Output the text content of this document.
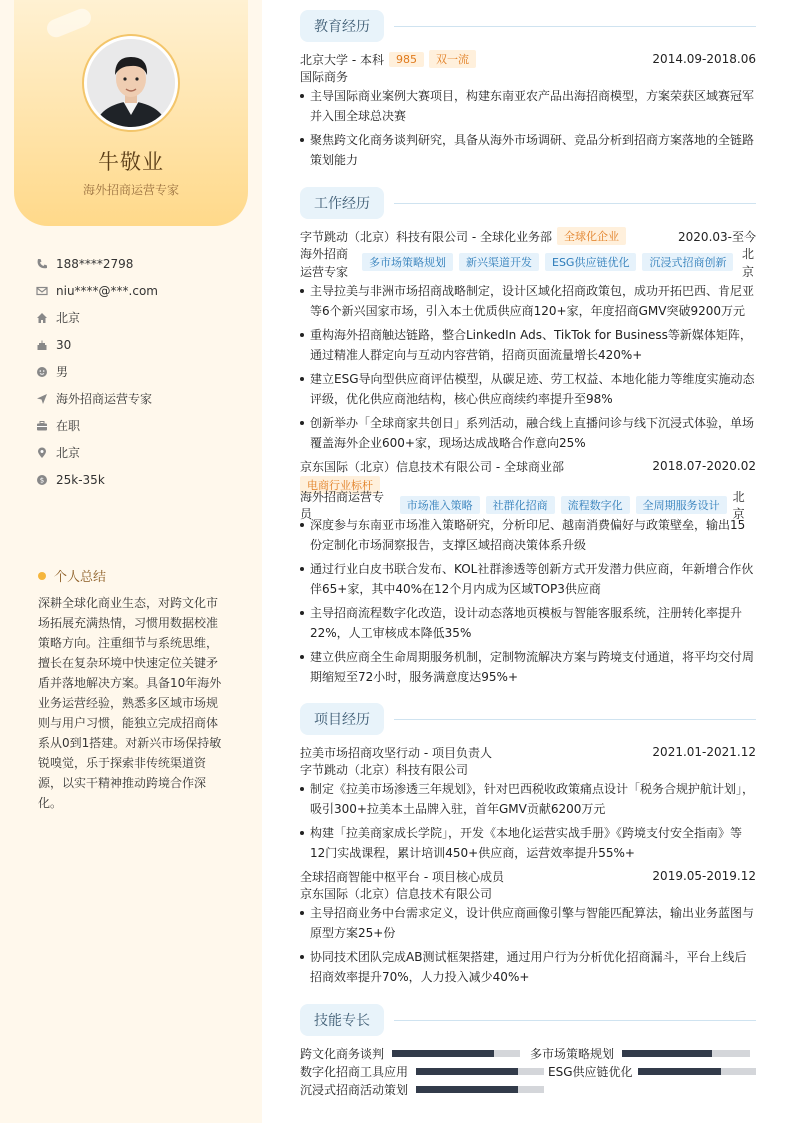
牛敬业
海外招商运营专家
188****2798
niu****@***.com
北京
30
男
海外招商运营专家
在职
北京
$ 25k-35k
个人总结
深耕全球化商业生态，对跨文化市场拓展充满热情，习惯用数据校准策略方向。注重细节与系统思维，擅长在复杂环境中快速定位关键矛盾并落地解决方案。具备10年海外业务运营经验，熟悉多区域市场规则与用户习惯，能独立完成招商体系从0到1搭建。对新兴市场保持敏锐嗅觉，乐于探索非传统渠道资源，以实干精神推动跨境合作深化。
教育经历
北京大学 - 本科	985	双一流	2014.09-2018.06
国际商务
主导国际商业案例大赛项目，构建东南亚农产品出海招商模型，方案荣获区域赛冠军并入围全球总决赛
聚焦跨文化商务谈判研究，具备从海外市场调研、竞品分析到招商方案落地的全链路策划能力
工作经历
字节跳动（北京）科技有限公司 - 全球化业务部	全球化企业	2020.03-至今
海外招商运营专家
多市场策略规划	新兴渠道开发	ESG供应链优化	沉浸式招商创新
北京
主导拉美与非洲市场招商战略制定，设计区域化招商政策包，成功开拓巴西、肯尼亚等6个新兴国家市场，引入本土优质供应商120+家，年度招商GMV突破9200万元
重构海外招商触达链路，整合LinkedIn Ads、TikTok for Business等新媒体矩阵，通过精准人群定向与互动内容营销，招商页面流量增长420%+
建立ESG导向型供应商评估模型，从碳足迹、劳工权益、本地化能力等维度实施动态评级，优化供应商池结构，核心供应商续约率提升至98%
创新举办「全球商家共创日」系列活动，融合线上直播问诊与线下沉浸式体验，单场覆盖海外企业600+家，现场达成战略合作意向25%
京东国际（北京）信息技术有限公司 - 全球商业部	2018.07-2020.02
电商行业标杆
海外招商运营专员
市场准入策略	社群化招商	流程数字化	全周期服务设计
北京
深度参与东南亚市场准入策略研究，分析印尼、越南消费偏好与政策壁垒，输出15份定制化市场洞察报告，支撑区域招商决策体系升级
通过行业白皮书联合发布、KOL社群渗透等创新方式开发潜力供应商，年新增合作伙伴65+家，其中40%在12个月内成为区域TOP3供应商
主导招商流程数字化改造，设计动态落地页模板与智能客服系统，注册转化率提升22%，人工审核成本降低35%
建立供应商全生命周期服务机制，定制物流解决方案与跨境支付通道，将平均交付周期缩短至72小时，服务满意度达95%+
项目经历
拉美市场招商攻坚行动 - 项目负责人	2021.01-2021.12
字节跳动（北京）科技有限公司
制定《拉美市场渗透三年规划》，针对巴西税收政策痛点设计「税务合规护航计划」，吸引300+拉美本土品牌入驻，首年GMV贡献6200万元
构建「拉美商家成长学院」，开发《本地化运营实战手册》《跨境支付安全指南》等12门实战课程，累计培训450+供应商，运营效率提升55%+
全球招商智能中枢平台 - 项目核心成员	2019.05-2019.12
京东国际（北京）信息技术有限公司
主导招商业务中台需求定义，设计供应商画像引擎与智能匹配算法，输出业务蓝图与原型方案25+份
协同技术团队完成AB测试框架搭建，通过用户行为分析优化招商漏斗，平台上线后招商效率提升70%，人力投入减少40%+
技能专长
跨文化商务谈判	多市场策略规划
数字化招商工具应用	ESG供应链优化
沉浸式招商活动策划
